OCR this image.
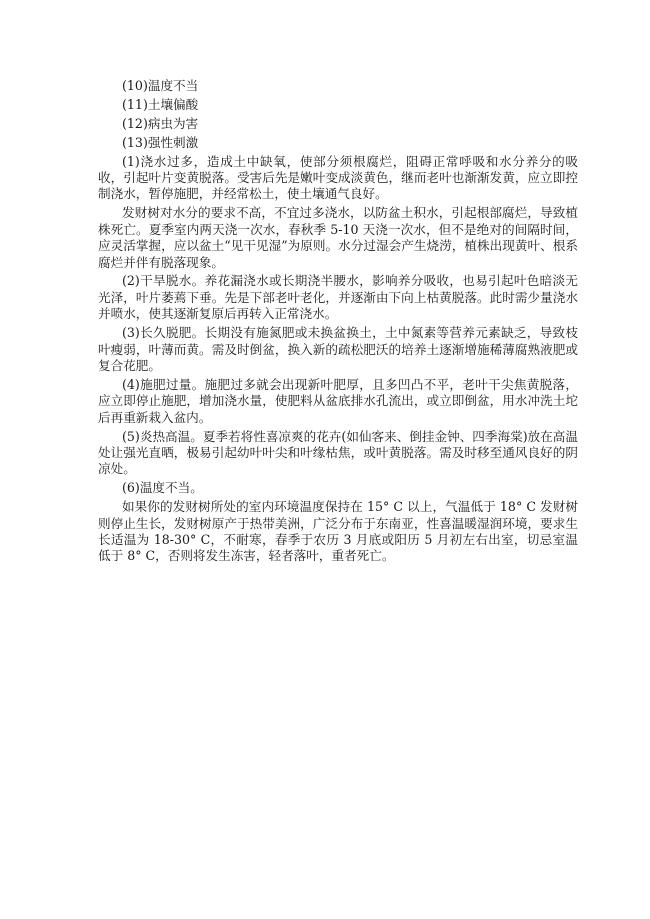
(10)温度不当
(11)土壤偏酸
(12)病虫为害
(13)强性刺激

(1)浇水过多，造成土中缺氧，使部分须根腐烂，阻碍正常呼吸和水分养分的吸收，引起叶片变黄脱落。受害后先是嫩叶变成淡黄色，继而老叶也渐渐发黄，应立即控制浇水，暂停施肥，并经常松土，使土壤通气良好。

发财树对水分的要求不高，不宜过多浇水，以防盆土积水，引起根部腐烂，导致植株死亡。夏季室内两天浇一次水，春秋季 5-10 天浇一次水，但不是绝对的间隔时间，应灵活掌握，应以盆土“见干见湿”为原则。水分过湿会产生烧涝，植株出现黄叶、根系腐烂并伴有脱落现象。

(2)干旱脱水。养花漏浇水或长期浇半腰水，影响养分吸收，也易引起叶色暗淡无光泽，叶片萎蔫下垂。先是下部老叶老化，并逐渐由下向上枯黄脱落。此时需少量浇水并喷水，使其逐渐复原后再转入正常浇水。

(3)长久脱肥。长期没有施氮肥或未换盆换土，土中氮素等营养元素缺乏，导致枝叶瘦弱，叶薄而黄。需及时倒盆，换入新的疏松肥沃的培养土逐渐增施稀薄腐熟液肥或复合花肥。

(4)施肥过量。施肥过多就会出现新叶肥厚，且多凹凸不平，老叶干尖焦黄脱落，应立即停止施肥，增加浇水量，使肥料从盆底排水孔流出，或立即倒盆，用水冲洗土坨后再重新栽入盆内。

(5)炎热高温。夏季若将性喜凉爽的花卉(如仙客来、倒挂金钟、四季海棠)放在高温处让强光直晒，极易引起幼叶叶尖和叶缘枯焦，或叶黄脱落。需及时移至通风良好的阴凉处。

(6)温度不当。

如果你的发财树所处的室内环境温度保持在 15° C 以上，气温低于 18° C 发财树则停止生长，发财树原产于热带美洲，广泛分布于东南亚，性喜温暖湿润环境，要求生长适温为 18-30° C，不耐寒，春季于农历 3 月底或阳历 5 月初左右出室，切忌室温低于 8° C，否则将发生冻害，轻者落叶，重者死亡。
